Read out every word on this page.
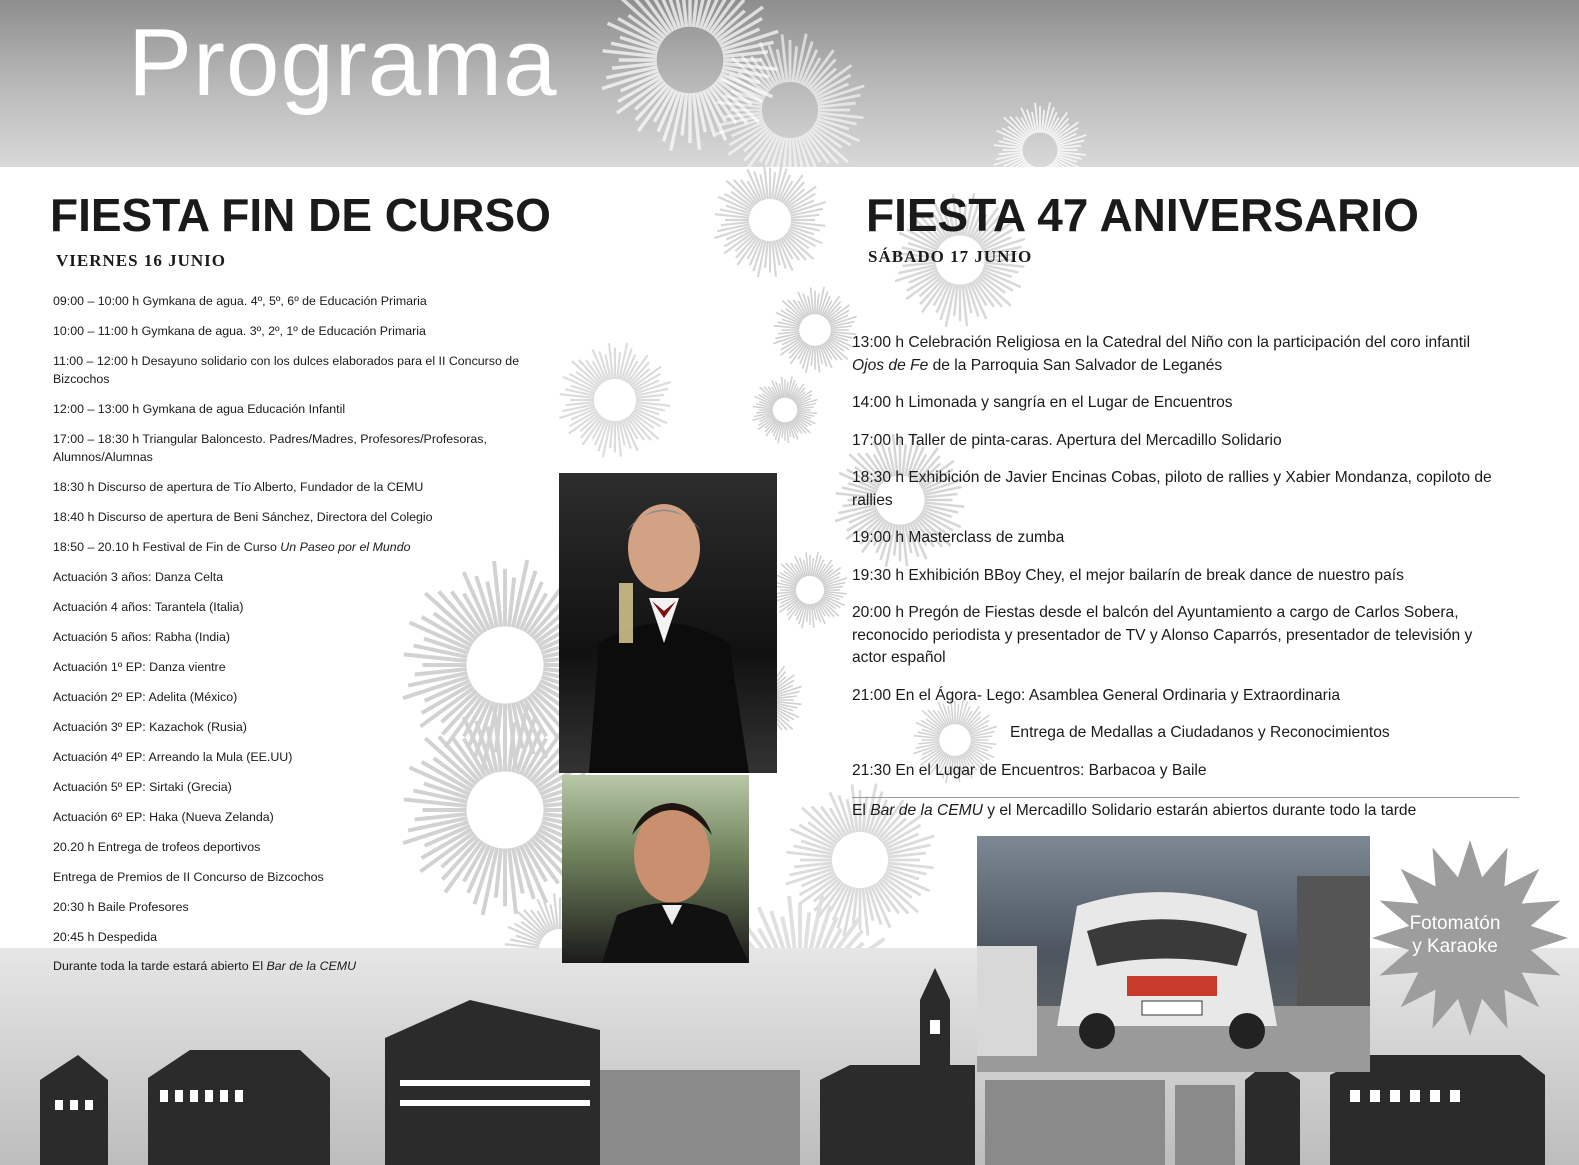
Programa
FIESTA FIN DE CURSO
VIERNES 16 JUNIO
09:00 – 10:00 h Gymkana de agua. 4º, 5º, 6º de Educación Primaria
10:00 – 11:00 h Gymkana de agua. 3º, 2º, 1º de Educación Primaria
11:00 – 12:00 h Desayuno solidario con los dulces elaborados para el II Concurso de Bizcochos
12:00 – 13:00 h Gymkana de agua Educación Infantil
17:00 – 18:30 h Triangular Baloncesto. Padres/Madres, Profesores/Profesoras, Alumnos/Alumnas
18:30 h Discurso de apertura de Tío Alberto, Fundador de la CEMU
18:40 h Discurso de apertura de Beni Sánchez, Directora del Colegio
18:50 – 20.10 h Festival de Fin de Curso Un Paseo por el Mundo
Actuación 3 años: Danza Celta
Actuación 4 años: Tarantela (Italia)
Actuación 5 años: Rabha (India)
Actuación 1º EP: Danza vientre
Actuación 2º EP: Adelita (México)
Actuación 3º EP: Kazachok (Rusia)
Actuación 4º EP: Arreando la Mula (EE.UU)
Actuación 5º EP: Sirtaki (Grecia)
Actuación 6º EP: Haka (Nueva Zelanda)
20.20 h Entrega de trofeos deportivos
Entrega de Premios de II Concurso de Bizcochos
20:30 h Baile Profesores
20:45 h Despedida
Durante toda la tarde estará abierto El Bar de la CEMU
FIESTA 47 ANIVERSARIO
SÁBADO 17 JUNIO
13:00 h Celebración Religiosa en la Catedral del Niño con la participación del coro infantil Ojos de Fe de la Parroquia San Salvador de Leganés
14:00 h Limonada y sangría en el Lugar de Encuentros
17:00 h Taller de pinta-caras. Apertura del Mercadillo Solidario
18:30 h Exhibición de Javier Encinas Cobas, piloto de rallies y Xabier Mondanza, copiloto de rallies
19:00 h Masterclass de zumba
19:30 h Exhibición BBoy Chey, el mejor bailarín de break dance de nuestro país
20:00 h Pregón de Fiestas desde el balcón del Ayuntamiento a cargo de Carlos Sobera, reconocido periodista y presentador de TV y Alonso Caparrós, presentador de televisión y actor español
21:00 En el Ágora- Lego: Asamblea General Ordinaria y Extraordinaria
Entrega de Medallas a Ciudadanos y Reconocimientos
21:30 En el Lugar de Encuentros: Barbacoa y Baile
El Bar de la CEMU y el Mercadillo Solidario estarán abiertos durante todo la tarde
Fotomatón
y Karaoke
